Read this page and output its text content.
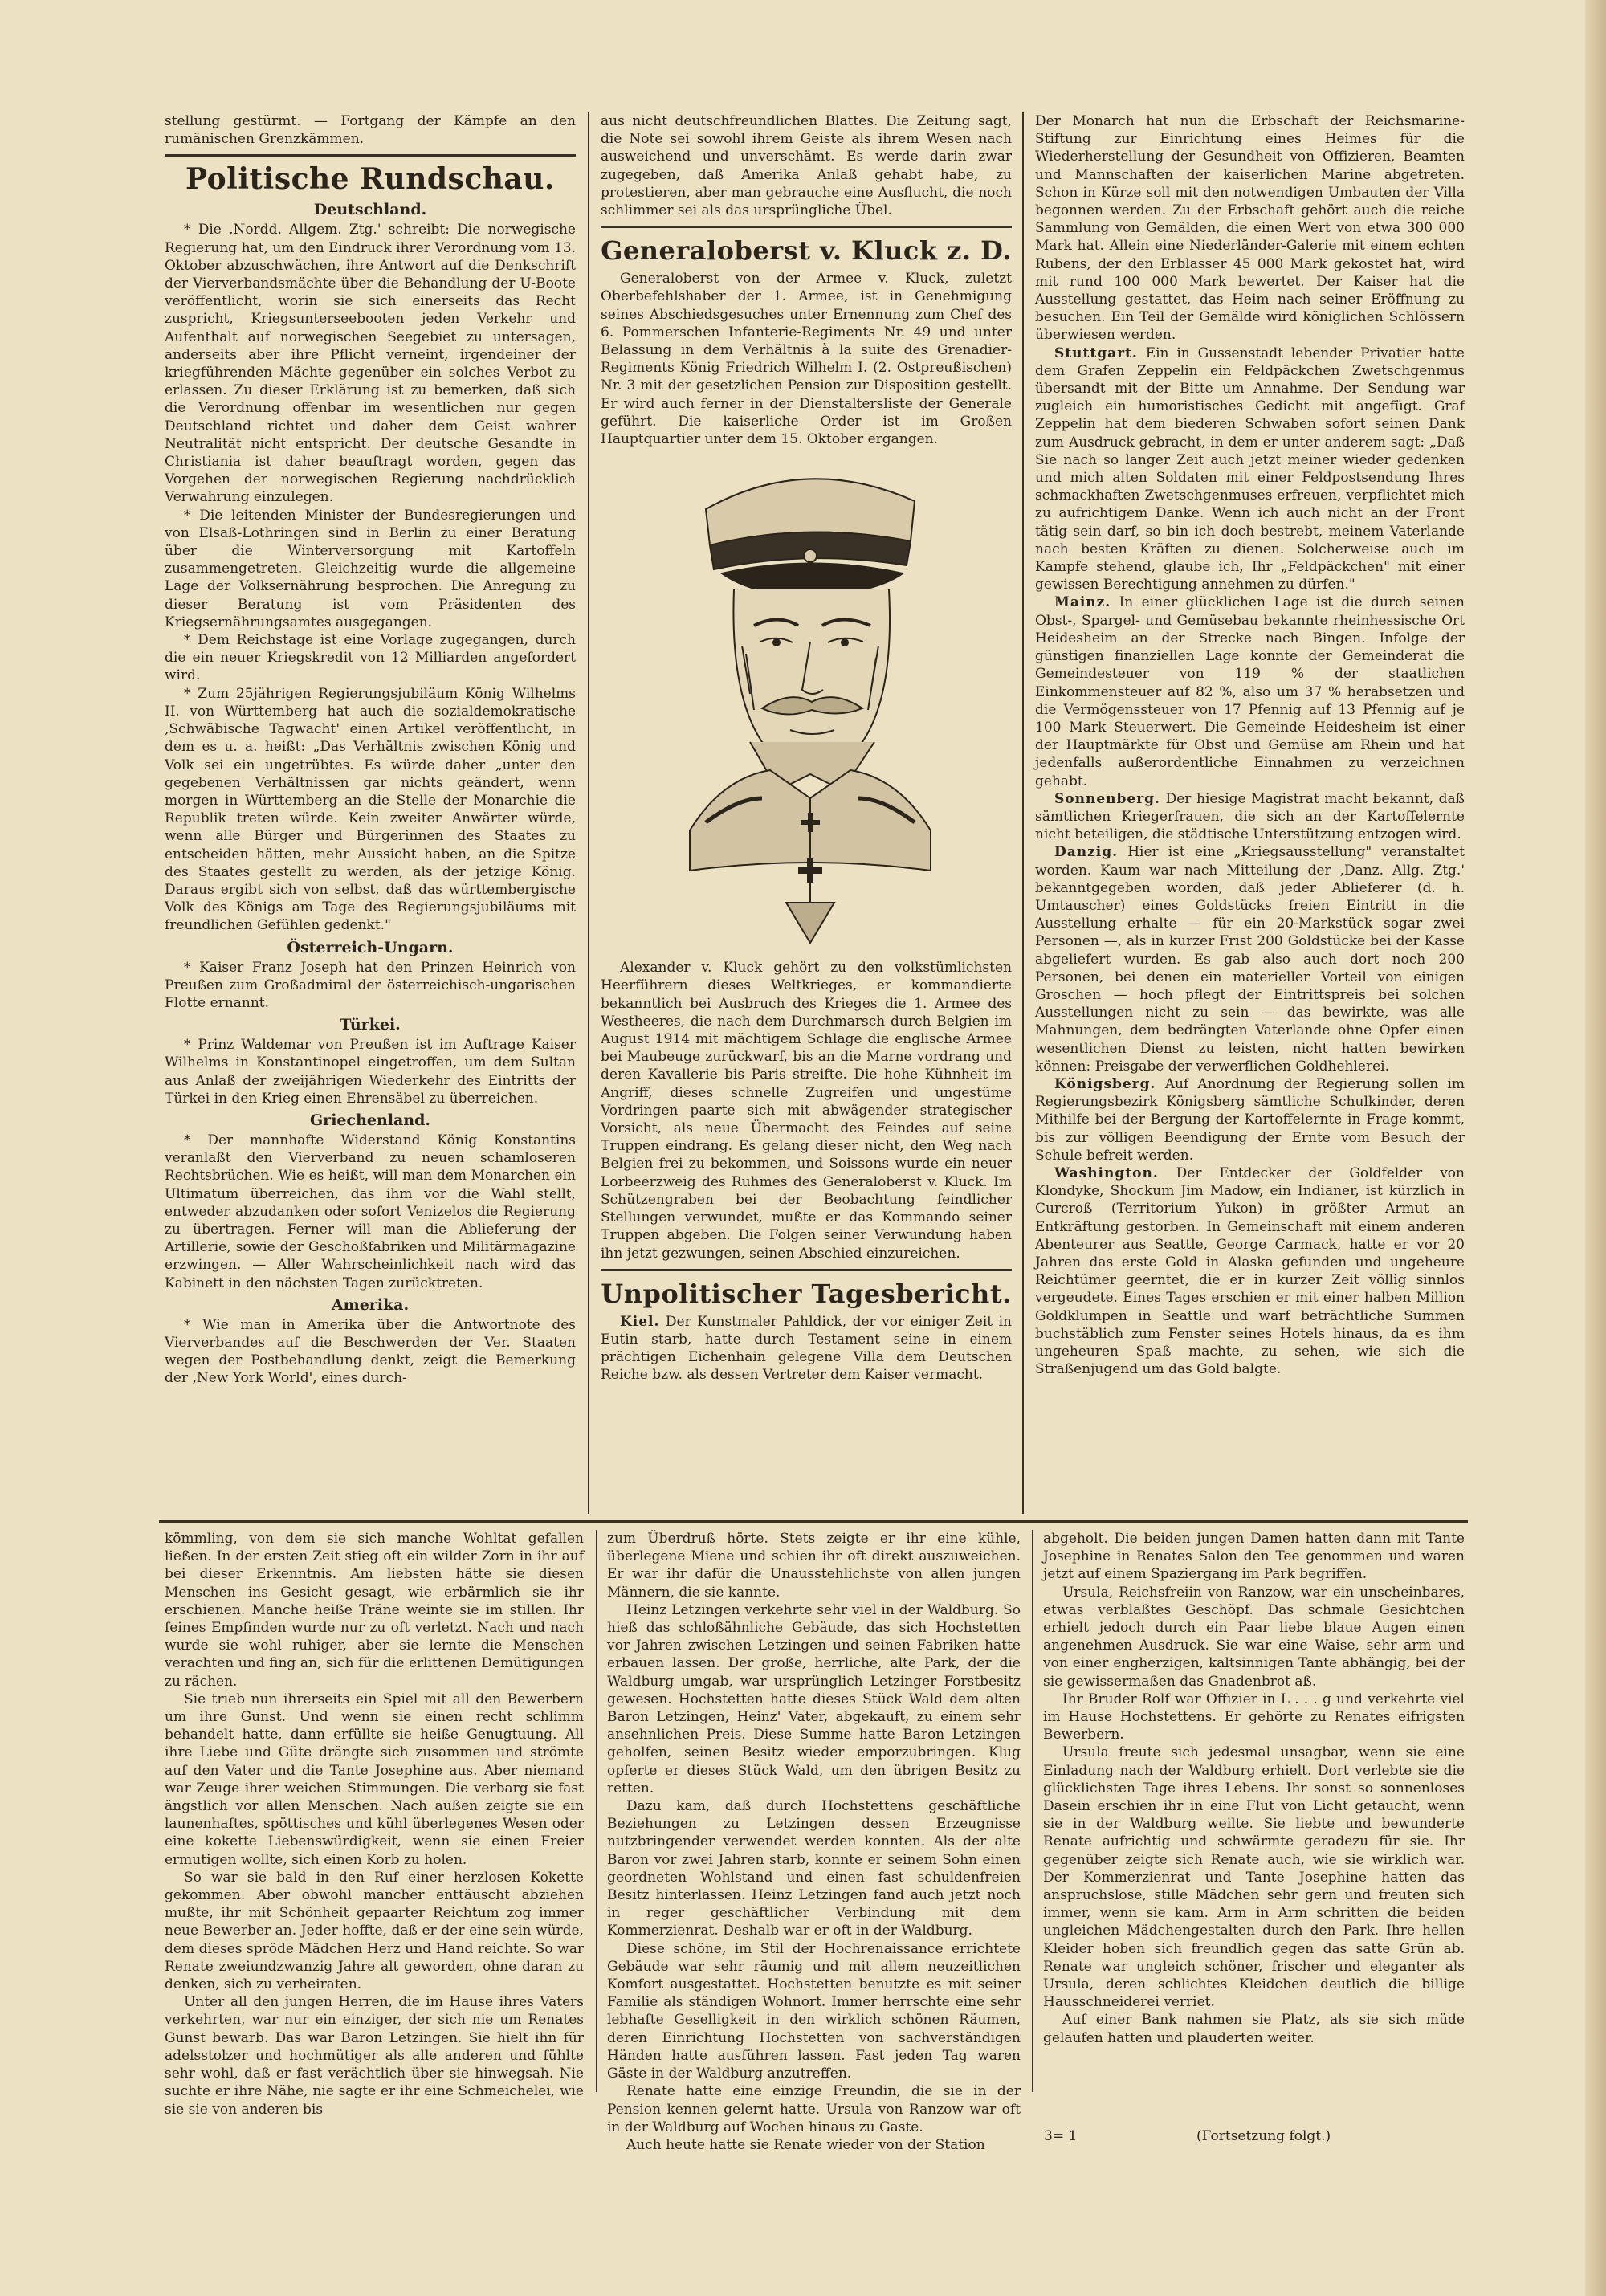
stellung gestürmt. — Fortgang der Kämpfe an den rumänischen Grenzkämmen.

Politische Rundschau.
Deutschland.

* Die ‚Nordd. Allgem. Ztg.' schreibt: Die norwegische Regierung hat, um den Eindruck ihrer Verordnung vom 13. Oktober abzuschwächen, ihre Antwort auf die Denkschrift der Vierverbandsmächte über die Behandlung der U-Boote veröffentlicht, worin sie sich einerseits das Recht zuspricht, Kriegsunterseebooten jeden Verkehr und Aufenthalt auf norwegischen Seegebiet zu untersagen, anderseits aber ihre Pflicht verneint, irgendeiner der kriegführenden Mächte gegenüber ein solches Verbot zu erlassen. Zu dieser Erklärung ist zu bemerken, daß sich die Verordnung offenbar im wesentlichen nur gegen Deutschland richtet und daher dem Geist wahrer Neutralität nicht entspricht. Der deutsche Gesandte in Christiania ist daher beauftragt worden, gegen das Vorgehen der norwegischen Regierung nachdrücklich Verwahrung einzulegen.

* Die leitenden Minister der Bundesregierungen und von Elsaß-Lothringen sind in Berlin zu einer Beratung über die Winterversorgung mit Kartoffeln zusammengetreten. Gleichzeitig wurde die allgemeine Lage der Volksernährung besprochen. Die Anregung zu dieser Beratung ist vom Präsidenten des Kriegsernährungsamtes ausgegangen.

* Dem Reichstage ist eine Vorlage zugegangen, durch die ein neuer Kriegskredit von 12 Milliarden angefordert wird.

* Zum 25jährigen Regierungsjubiläum König Wilhelms II. von Württemberg hat auch die sozialdemokratische ‚Schwäbische Tagwacht' einen Artikel veröffentlicht, in dem es u. a. heißt: „Das Verhältnis zwischen König und Volk sei ein ungetrübtes. Es würde daher „unter den gegebenen Verhältnissen gar nichts geändert, wenn morgen in Württemberg an die Stelle der Monarchie die Republik treten würde. Kein zweiter Anwärter würde, wenn alle Bürger und Bürgerinnen des Staates zu entscheiden hätten, mehr Aussicht haben, an die Spitze des Staates gestellt zu werden, als der jetzige König. Daraus ergibt sich von selbst, daß das württembergische Volk des Königs am Tage des Regierungsjubiläums mit freundlichen Gefühlen gedenkt."

Österreich-Ungarn.

* Kaiser Franz Joseph hat den Prinzen Heinrich von Preußen zum Großadmiral der österreichisch-ungarischen Flotte ernannt.

Türkei.

* Prinz Waldemar von Preußen ist im Auftrage Kaiser Wilhelms in Konstantinopel eingetroffen, um dem Sultan aus Anlaß der zweijährigen Wiederkehr des Eintritts der Türkei in den Krieg einen Ehrensäbel zu überreichen.

Griechenland.

* Der mannhafte Widerstand König Konstantins veranlaßt den Vierverband zu neuen schamloseren Rechtsbrüchen. Wie es heißt, will man dem Monarchen ein Ultimatum überreichen, das ihm vor die Wahl stellt, entweder abzudanken oder sofort Venizelos die Regierung zu übertragen. Ferner will man die Ablieferung der Artillerie, sowie der Geschoßfabriken und Militärmagazine erzwingen. — Aller Wahrscheinlichkeit nach wird das Kabinett in den nächsten Tagen zurücktreten.

Amerika.

* Wie man in Amerika über die Antwortnote des Vierverbandes auf die Beschwerden der Ver. Staaten wegen der Postbehandlung denkt, zeigt die Bemerkung der ‚New York World', eines durch-

aus nicht deutschfreundlichen Blattes. Die Zeitung sagt, die Note sei sowohl ihrem Geiste als ihrem Wesen nach ausweichend und unverschämt. Es werde darin zwar zugegeben, daß Amerika Anlaß gehabt habe, zu protestieren, aber man gebrauche eine Ausflucht, die noch schlimmer sei als das ursprüngliche Übel.

Generaloberst v. Kluck z. D.

Generaloberst von der Armee v. Kluck, zuletzt Oberbefehlshaber der 1. Armee, ist in Genehmigung seines Abschiedsgesuches unter Ernennung zum Chef des 6. Pommerschen Infanterie-Regiments Nr. 49 und unter Belassung in dem Verhältnis à la suite des Grenadier-Regiments König Friedrich Wilhelm I. (2. Ostpreußischen) Nr. 3 mit der gesetzlichen Pension zur Disposition gestellt. Er wird auch ferner in der Dienstaltersliste der Generale geführt. Die kaiserliche Order ist im Großen Hauptquartier unter dem 15. Oktober ergangen.

Alexander v. Kluck gehört zu den volkstümlichsten Heerführern dieses Weltkrieges, er kommandierte bekanntlich bei Ausbruch des Krieges die 1. Armee des Westheeres, die nach dem Durchmarsch durch Belgien im August 1914 mit mächtigem Schlage die englische Armee bei Maubeuge zurückwarf, bis an die Marne vordrang und deren Kavallerie bis Paris streifte. Die hohe Kühnheit im Angriff, dieses schnelle Zugreifen und ungestüme Vordringen paarte sich mit abwägender strategischer Vorsicht, als neue Übermacht des Feindes auf seine Truppen eindrang. Es gelang dieser nicht, den Weg nach Belgien frei zu bekommen, und Soissons wurde ein neuer Lorbeerzweig des Ruhmes des Generaloberst v. Kluck. Im Schützengraben bei der Beobachtung feindlicher Stellungen verwundet, mußte er das Kommando seiner Truppen abgeben. Die Folgen seiner Verwundung haben ihn jetzt gezwungen, seinen Abschied einzureichen.

Unpolitischer Tagesbericht.

Kiel. Der Kunstmaler Pahldick, der vor einiger Zeit in Eutin starb, hatte durch Testament seine in einem prächtigen Eichenhain gelegene Villa dem Deutschen Reiche bzw. als dessen Vertreter dem Kaiser vermacht.

Der Monarch hat nun die Erbschaft der Reichsmarine-Stiftung zur Einrichtung eines Heimes für die Wiederherstellung der Gesundheit von Offizieren, Beamten und Mannschaften der kaiserlichen Marine abgetreten. Schon in Kürze soll mit den notwendigen Umbauten der Villa begonnen werden. Zu der Erbschaft gehört auch die reiche Sammlung von Gemälden, die einen Wert von etwa 300 000 Mark hat. Allein eine Niederländer-Galerie mit einem echten Rubens, der den Erblasser 45 000 Mark gekostet hat, wird mit rund 100 000 Mark bewertet. Der Kaiser hat die Ausstellung gestattet, das Heim nach seiner Eröffnung zu besuchen. Ein Teil der Gemälde wird königlichen Schlössern überwiesen werden.

Stuttgart. Ein in Gussenstadt lebender Privatier hatte dem Grafen Zeppelin ein Feldpäckchen Zwetschgenmus übersandt mit der Bitte um Annahme. Der Sendung war zugleich ein humoristisches Gedicht mit angefügt. Graf Zeppelin hat dem biederen Schwaben sofort seinen Dank zum Ausdruck gebracht, in dem er unter anderem sagt: „Daß Sie nach so langer Zeit auch jetzt meiner wieder gedenken und mich alten Soldaten mit einer Feldpostsendung Ihres schmackhaften Zwetschgenmuses erfreuen, verpflichtet mich zu aufrichtigem Danke. Wenn ich auch nicht an der Front tätig sein darf, so bin ich doch bestrebt, meinem Vaterlande nach besten Kräften zu dienen. Solcherweise auch im Kampfe stehend, glaube ich, Ihr „Feldpäckchen" mit einer gewissen Berechtigung annehmen zu dürfen."

Mainz. In einer glücklichen Lage ist die durch seinen Obst-, Spargel- und Gemüsebau bekannte rheinhessische Ort Heidesheim an der Strecke nach Bingen. Infolge der günstigen finanziellen Lage konnte der Gemeinderat die Gemeindesteuer von 119 % der staatlichen Einkommensteuer auf 82 %, also um 37 % herabsetzen und die Vermögenssteuer von 17 Pfennig auf 13 Pfennig auf je 100 Mark Steuerwert. Die Gemeinde Heidesheim ist einer der Hauptmärkte für Obst und Gemüse am Rhein und hat jedenfalls außerordentliche Einnahmen zu verzeichnen gehabt.

Sonnenberg. Der hiesige Magistrat macht bekannt, daß sämtlichen Kriegerfrauen, die sich an der Kartoffelernte nicht beteiligen, die städtische Unterstützung entzogen wird.

Danzig. Hier ist eine „Kriegsausstellung" veranstaltet worden. Kaum war nach Mitteilung der ‚Danz. Allg. Ztg.' bekanntgegeben worden, daß jeder Ablieferer (d. h. Umtauscher) eines Goldstücks freien Eintritt in die Ausstellung erhalte — für ein 20-Markstück sogar zwei Personen —, als in kurzer Frist 200 Goldstücke bei der Kasse abgeliefert wurden. Es gab also auch dort noch 200 Personen, bei denen ein materieller Vorteil von einigen Groschen — hoch pflegt der Eintrittspreis bei solchen Ausstellungen nicht zu sein — das bewirkte, was alle Mahnungen, dem bedrängten Vaterlande ohne Opfer einen wesentlichen Dienst zu leisten, nicht hatten bewirken können: Preisgabe der verwerflichen Goldhehlerei.

Königsberg. Auf Anordnung der Regierung sollen im Regierungsbezirk Königsberg sämtliche Schulkinder, deren Mithilfe bei der Bergung der Kartoffelernte in Frage kommt, bis zur völligen Beendigung der Ernte vom Besuch der Schule befreit werden.

Washington. Der Entdecker der Goldfelder von Klondyke, Shockum Jim Madow, ein Indianer, ist kürzlich in Curcroß (Territorium Yukon) in größter Armut an Entkräftung gestorben. In Gemeinschaft mit einem anderen Abenteurer aus Seattle, George Carmack, hatte er vor 20 Jahren das erste Gold in Alaska gefunden und ungeheure Reichtümer geerntet, die er in kurzer Zeit völlig sinnlos vergeudete. Eines Tages erschien er mit einer halben Million Goldklumpen in Seattle und warf beträchtliche Summen buchstäblich zum Fenster seines Hotels hinaus, da es ihm ungeheuren Spaß machte, zu sehen, wie sich die Straßenjugend um das Gold balgte.

kömmling, von dem sie sich manche Wohltat gefallen ließen. In der ersten Zeit stieg oft ein wilder Zorn in ihr auf bei dieser Erkenntnis. Am liebsten hätte sie diesen Menschen ins Gesicht gesagt, wie erbärmlich sie ihr erschienen. Manche heiße Träne weinte sie im stillen. Ihr feines Empfinden wurde nur zu oft verletzt. Nach und nach wurde sie wohl ruhiger, aber sie lernte die Menschen verachten und fing an, sich für die erlittenen Demütigungen zu rächen.

Sie trieb nun ihrerseits ein Spiel mit all den Bewerbern um ihre Gunst. Und wenn sie einen recht schlimm behandelt hatte, dann erfüllte sie heiße Genugtuung. All ihre Liebe und Güte drängte sich zusammen und strömte auf den Vater und die Tante Josephine aus. Aber niemand war Zeuge ihrer weichen Stimmungen. Die verbarg sie fast ängstlich vor allen Menschen. Nach außen zeigte sie ein launenhaftes, spöttisches und kühl überlegenes Wesen oder eine kokette Liebenswürdigkeit, wenn sie einen Freier ermutigen wollte, sich einen Korb zu holen.

So war sie bald in den Ruf einer herzlosen Kokette gekommen. Aber obwohl mancher enttäuscht abziehen mußte, ihr mit Schönheit gepaarter Reichtum zog immer neue Bewerber an. Jeder hoffte, daß er der eine sein würde, dem dieses spröde Mädchen Herz und Hand reichte. So war Renate zweiundzwanzig Jahre alt geworden, ohne daran zu denken, sich zu verheiraten.

Unter all den jungen Herren, die im Hause ihres Vaters verkehrten, war nur ein einziger, der sich nie um Renates Gunst bewarb. Das war Baron Letzingen. Sie hielt ihn für adelsstolzer und hochmütiger als alle anderen und fühlte sehr wohl, daß er fast verächtlich über sie hinwegsah. Nie suchte er ihre Nähe, nie sagte er ihr eine Schmeichelei, wie sie sie von anderen bis

zum Überdruß hörte. Stets zeigte er ihr eine kühle, überlegene Miene und schien ihr oft direkt auszuweichen. Er war ihr dafür die Unausstehlichste von allen jungen Männern, die sie kannte.

Heinz Letzingen verkehrte sehr viel in der Waldburg. So hieß das schloßähnliche Gebäude, das sich Hochstetten vor Jahren zwischen Letzingen und seinen Fabriken hatte erbauen lassen. Der große, herrliche, alte Park, der die Waldburg umgab, war ursprünglich Letzinger Forstbesitz gewesen. Hochstetten hatte dieses Stück Wald dem alten Baron Letzingen, Heinz' Vater, abgekauft, zu einem sehr ansehnlichen Preis. Diese Summe hatte Baron Letzingen geholfen, seinen Besitz wieder emporzubringen. Klug opferte er dieses Stück Wald, um den übrigen Besitz zu retten.

Dazu kam, daß durch Hochstettens geschäftliche Beziehungen zu Letzingen dessen Erzeugnisse nutzbringender verwendet werden konnten. Als der alte Baron vor zwei Jahren starb, konnte er seinem Sohn einen geordneten Wohlstand und einen fast schuldenfreien Besitz hinterlassen. Heinz Letzingen fand auch jetzt noch in reger geschäftlicher Verbindung mit dem Kommerzienrat. Deshalb war er oft in der Waldburg.

Diese schöne, im Stil der Hochrenaissance errichtete Gebäude war sehr räumig und mit allem neuzeitlichen Komfort ausgestattet. Hochstetten benutzte es mit seiner Familie als ständigen Wohnort. Immer herrschte eine sehr lebhafte Geselligkeit in den wirklich schönen Räumen, deren Einrichtung Hochstetten von sachverständigen Händen hatte ausführen lassen. Fast jeden Tag waren Gäste in der Waldburg anzutreffen.

Renate hatte eine einzige Freundin, die sie in der Pension kennen gelernt hatte. Ursula von Ranzow war oft in der Waldburg auf Wochen hinaus zu Gaste.

Auch heute hatte sie Renate wieder von der Station

abgeholt. Die beiden jungen Damen hatten dann mit Tante Josephine in Renates Salon den Tee genommen und waren jetzt auf einem Spaziergang im Park begriffen.

Ursula, Reichsfreiin von Ranzow, war ein unscheinbares, etwas verblaßtes Geschöpf. Das schmale Gesichtchen erhielt jedoch durch ein Paar liebe blaue Augen einen angenehmen Ausdruck. Sie war eine Waise, sehr arm und von einer engherzigen, kaltsinnigen Tante abhängig, bei der sie gewissermaßen das Gnadenbrot aß.

Ihr Bruder Rolf war Offizier in L . . . g und verkehrte viel im Hause Hochstettens. Er gehörte zu Renates eifrigsten Bewerbern.

Ursula freute sich jedesmal unsagbar, wenn sie eine Einladung nach der Waldburg erhielt. Dort verlebte sie die glücklichsten Tage ihres Lebens. Ihr sonst so sonnenloses Dasein erschien ihr in eine Flut von Licht getaucht, wenn sie in der Waldburg weilte. Sie liebte und bewunderte Renate aufrichtig und schwärmte geradezu für sie. Ihr gegenüber zeigte sich Renate auch, wie sie wirklich war. Der Kommerzienrat und Tante Josephine hatten das anspruchslose, stille Mädchen sehr gern und freuten sich immer, wenn sie kam. Arm in Arm schritten die beiden ungleichen Mädchengestalten durch den Park. Ihre hellen Kleider hoben sich freundlich gegen das satte Grün ab. Renate war ungleich schöner, frischer und eleganter als Ursula, deren schlichtes Kleidchen deutlich die billige Hausschneiderei verriet.

Auf einer Bank nahmen sie Platz, als sie sich müde gelaufen hatten und plauderten weiter.

3= 1	(Fortsetzung folgt.)
